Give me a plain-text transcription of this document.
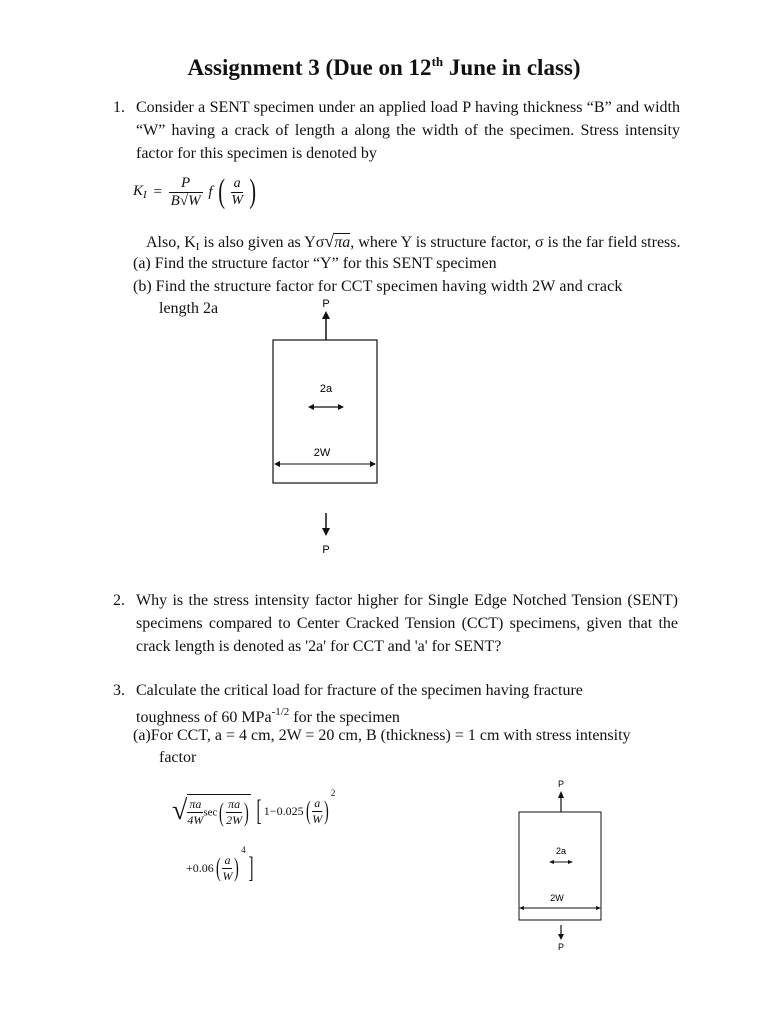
Assignment 3 (Due on 12th June in class)
1. Consider a SENT specimen under an applied load P having thickness “B” and width “W” having a crack of length a along the width of the specimen. Stress intensity factor for this specimen is denoted by
$K_I = \frac{P}{B√W}$ f ( $\frac{a}{W}$ )
Also, $K_I$ is also given as Yσ√πa, where Y is structure factor, σ is the far field stress.
(a) Find the structure factor “Y” for this SENT specimen
(b) Find the structure factor for CCT specimen having width 2W and crack
length 2a	P
2a
2W
P
2. Why is the stress intensity factor higher for Single Edge Notched Tension (SENT) specimens compared to Center Cracked Tension (CCT) specimens, given that the crack length is denoted as '2a' for CCT and 'a' for SENT?
3. Calculate the critical load for fracture of the specimen having fracture
toughness of 60 MPa$^{-1/2}$ for the specimen
(a)For CCT, a = 4 cm, 2W = 20 cm, B (thickness) = 1 cm with stress intensity
factor
√ $\frac{\pi a}{4W} \sec( \frac{\pi a}{2W}$ ) [ $1-0.025( \frac{a}{W} )^2$
$+0.06( \frac{a}{W} )^4$]
P
2a
2W
P
